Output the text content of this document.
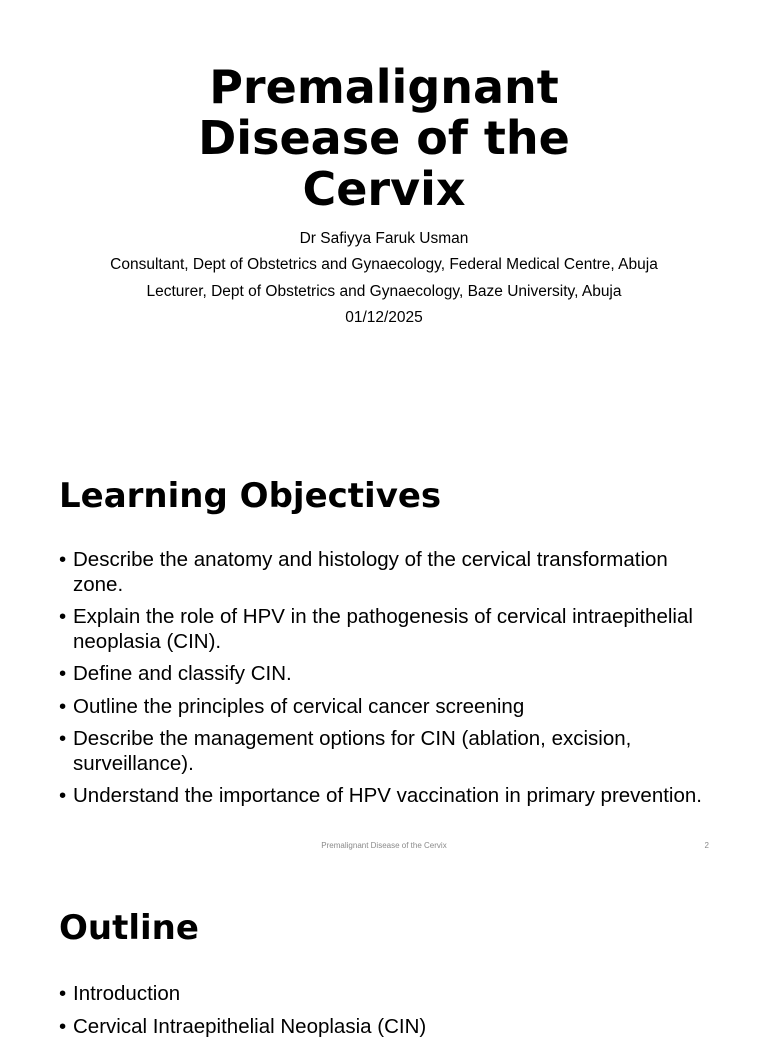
Premalignant
Disease of the
Cervix
Dr Safiyya Faruk Usman
Consultant, Dept of Obstetrics and Gynaecology, Federal Medical Centre, Abuja
Lecturer, Dept of Obstetrics and Gynaecology, Baze University, Abuja
01/12/2025
Learning Objectives
• Describe the anatomy and histology of the cervical transformation zone.
• Explain the role of HPV in the pathogenesis of cervical intraepithelial neoplasia (CIN).
• Define and classify CIN.
• Outline the principles of cervical cancer screening
• Describe the management options for CIN (ablation, excision, surveillance).
• Understand the importance of HPV vaccination in primary prevention.
Premalignant Disease of the Cervix	2
Outline
• Introduction
• Cervical Intraepithelial Neoplasia (CIN)
